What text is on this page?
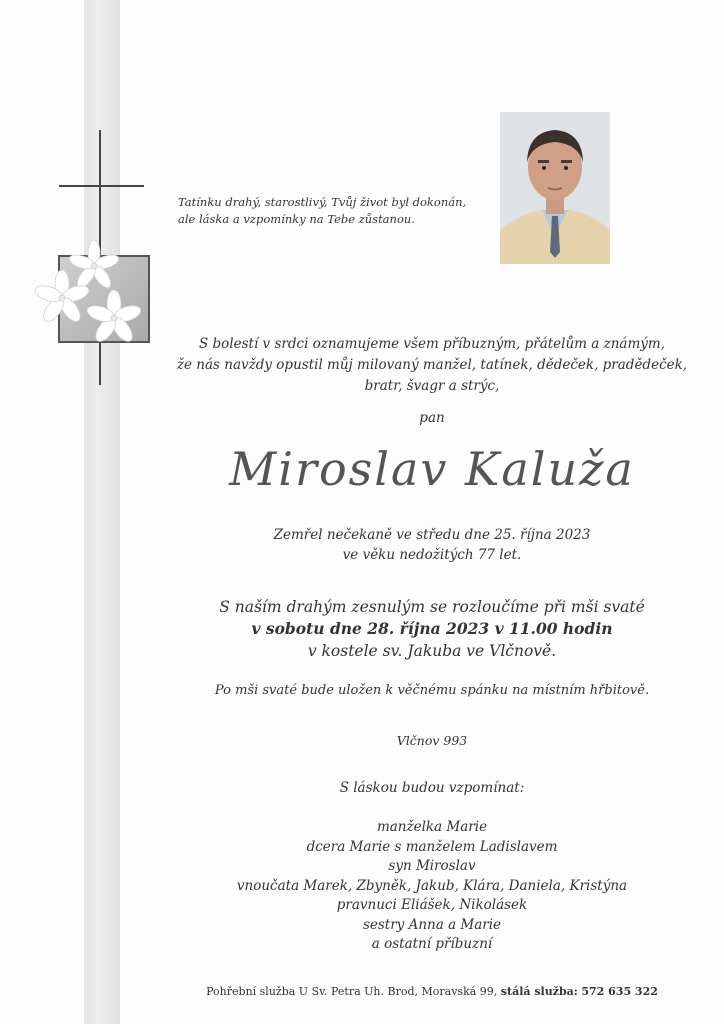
Tatínku drahý, starostlivý, Tvůj život byl dokonán,
ale láska a vzpomínky na Tebe zůstanou.
S bolestí v srdci oznamujeme všem příbuzným, přátelům a známým,
že nás navždy opustil můj milovaný manžel, tatínek, dědeček, pradědeček,
bratr, švagr a strýc,
pan
Miroslav Kaluža
Zemřel nečekaně ve středu dne 25. října 2023
ve věku nedožitých 77 let.
S naším drahým zesnulým se rozloučíme při mši svaté
v sobotu dne 28. října 2023 v 11.00 hodin
v kostele sv. Jakuba ve Vlčnově.
Po mši svaté bude uložen k věčnému spánku na místním hřbitově.
Vlčnov 993
S láskou budou vzpomínat:
manželka Marie
dcera Marie s manželem Ladislavem
syn Miroslav
vnoučata Marek, Zbyněk, Jakub, Klára, Daniela, Kristýna
pravnuci Eliášek, Nikolásek
sestry Anna a Marie
a ostatní příbuzní
Pohřební služba U Sv. Petra Uh. Brod, Moravská 99, stálá služba: 572 635 322
